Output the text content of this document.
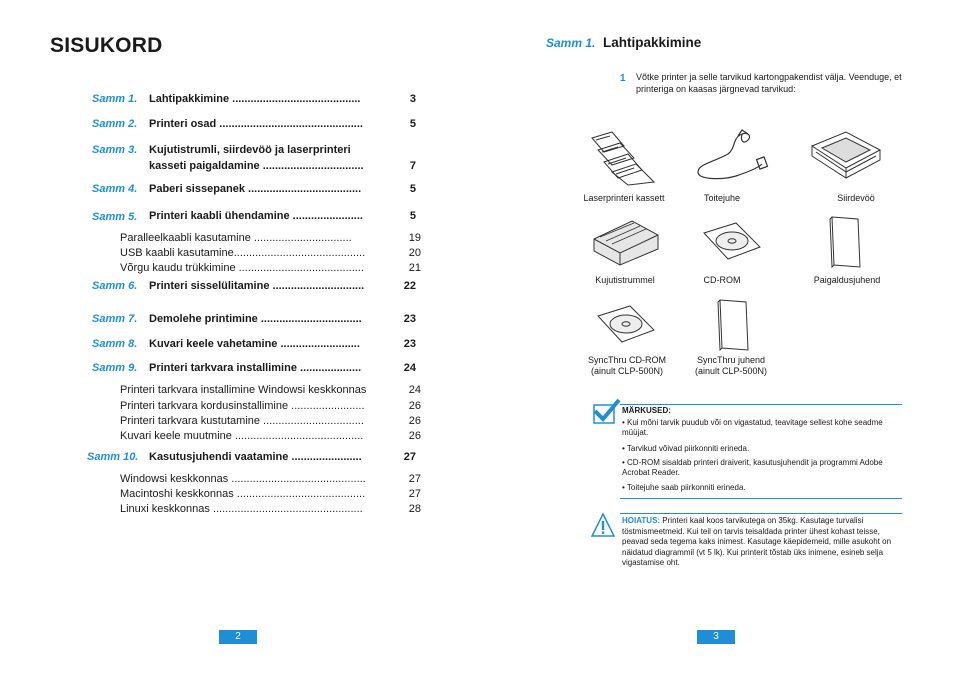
SISUKORD
Samm 1.	Lahtipakkimine ..........................................	3
Samm 2.	Printeri osad ...............................................	5
Samm 3.	Kujutistrumli, siirdevöö ja laserprinteri
kasseti paigaldamine .................................	7
Samm 4.	Paberi sissepanek .....................................	5
Samm 5.	Printeri kaabli ühendamine .......................	5
Paralleelkaabli kasutamine ................................	19
USB kaabli kasutamine...........................................	20
Võrgu kaudu trükkimine .........................................	21
Samm 6.	Printeri sisselülitamine ..............................	22
Samm 7.	Demolehe printimine .................................	23
Samm 8.	Kuvari keele vahetamine ..........................	23
Samm 9.	Printeri tarkvara installimine ....................	24
Printeri tarkvara installimine Windowsi keskkonnas	24
Printeri tarkvara kordusinstallimine ........................	26
Printeri tarkvara kustutamine .................................	26
Kuvari keele muutmine ..........................................	26
Samm 10. Kasutusjuhendi vaatamine .......................	27
Windowsi keskkonnas ............................................	27
Macintoshi keskkonnas ..........................................	27
Linuxi keskkonnas .................................................	28
2
Samm 1. Lahtipakkimine
1 Võtke printer ja selle tarvikud kartongpakendist välja. Veenduge, et printeriga on kaasas järgnevad tarvikud:
Laserprinteri kassett	Toitejuhe	Siirdevöö
Kujutistrummel	CD-ROM	Paigaldusjuhend
SyncThru CD-ROM
(ainult CLP-500N)
SyncThru juhend
(ainult CLP-500N)
MÄRKUSED:
• Kui mõni tarvik puudub või on vigastatud, teavitage sellest kohe seadme müüjat.
• Tarvikud võivad piirkonniti erineda.
• CD-ROM sisaldab printeri draiverit, kasutusjuhendit ja programmi Adobe Acrobat Reader.
• Toitejuhe saab piirkonniti erineda.
HOIATUS: Printeri kaal koos tarvikutega on 35kg. Kasutage turvalisi töstmismeetmeid. Kui teil on tarvis teisaldada printer ühest kohast teisse, peavad seda tegema kaks inimest. Kasutage käepidemeid, mille asukoht on näidatud diagrammil (vt 5 lk). Kui printerit tõstab üks inimene, esineb selja vigastamise oht.
3
